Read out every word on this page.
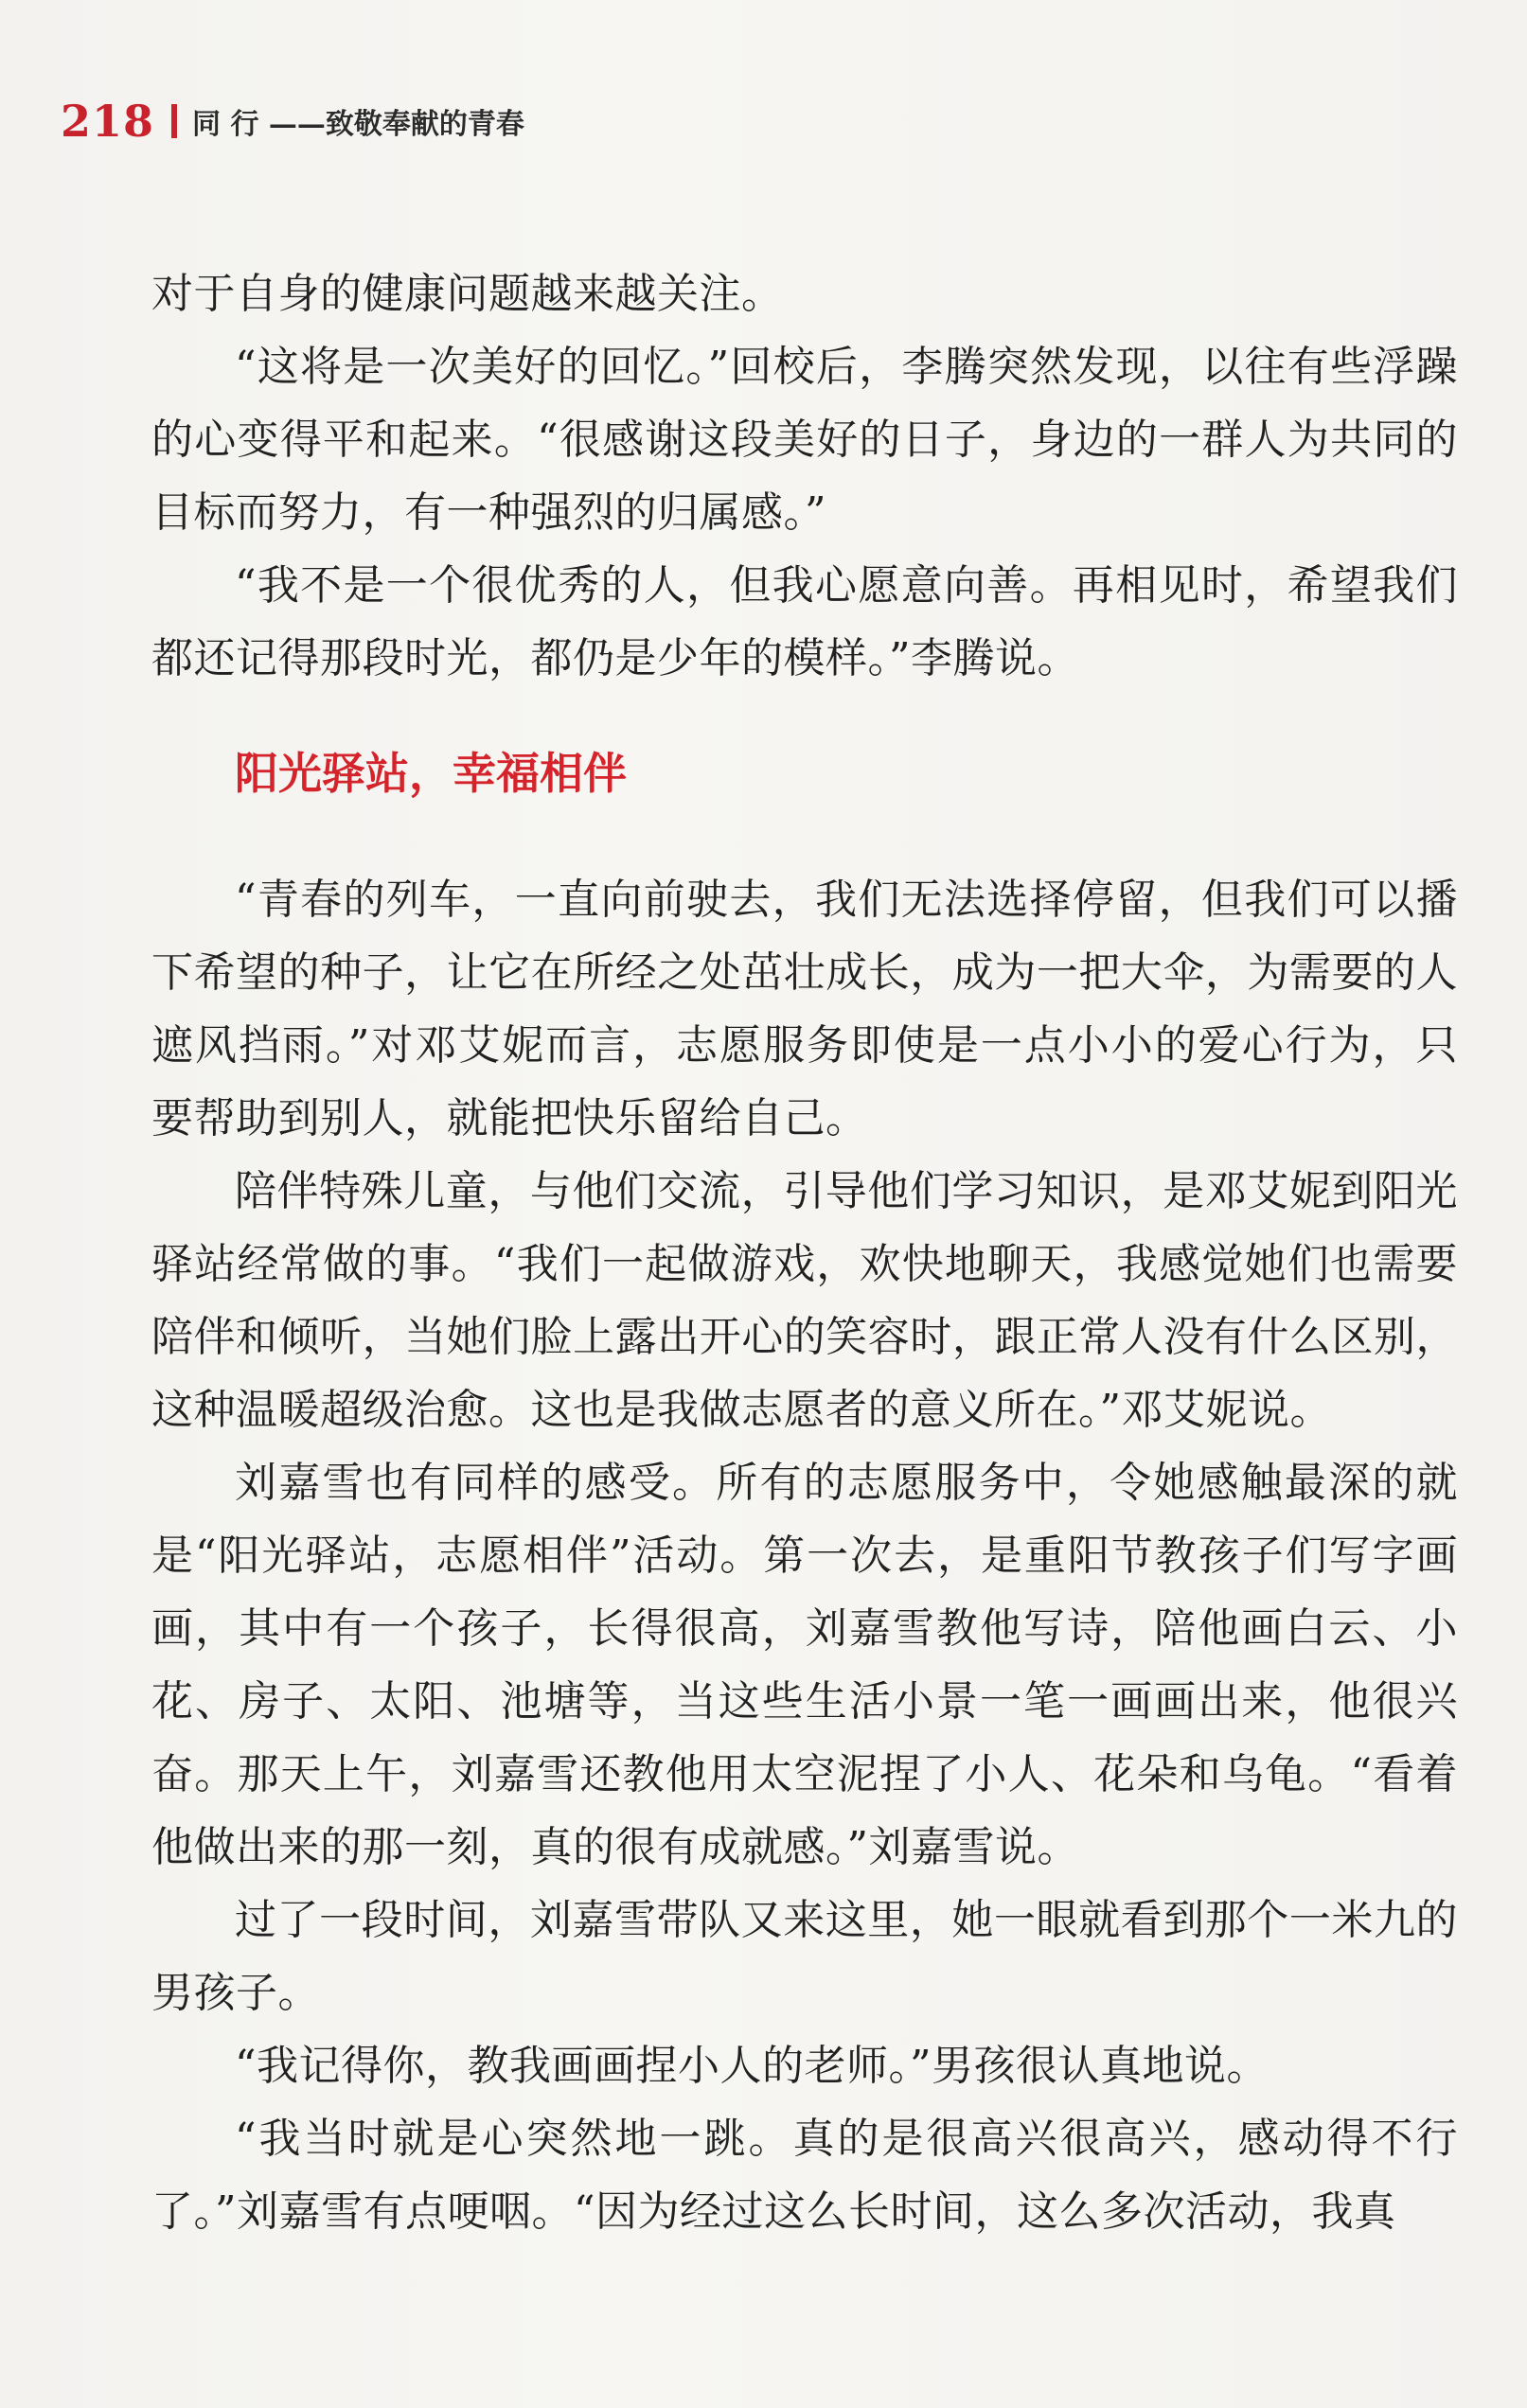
218 同 行 ——致敬奉献的青春

对于自身的健康问题越来越关注。

“这将是一次美好的回忆。”回校后，李腾突然发现，以往有些浮躁的心变得平和起来。“很感谢这段美好的日子，身边的一群人为共同的目标而努力，有一种强烈的归属感。”

“我不是一个很优秀的人，但我心愿意向善。再相见时，希望我们都还记得那段时光，都仍是少年的模样。”李腾说。

阳光驿站，幸福相伴

“青春的列车，一直向前驶去，我们无法选择停留，但我们可以播下希望的种子，让它在所经之处茁壮成长，成为一把大伞，为需要的人遮风挡雨。”对邓艾妮而言，志愿服务即使是一点小小的爱心行为，只要帮助到别人，就能把快乐留给自己。

陪伴特殊儿童，与他们交流，引导他们学习知识，是邓艾妮到阳光驿站经常做的事。“我们一起做游戏，欢快地聊天，我感觉她们也需要陪伴和倾听，当她们脸上露出开心的笑容时，跟正常人没有什么区别，这种温暖超级治愈。这也是我做志愿者的意义所在。”邓艾妮说。

刘嘉雪也有同样的感受。所有的志愿服务中，令她感触最深的就是“阳光驿站，志愿相伴”活动。第一次去，是重阳节教孩子们写字画画，其中有一个孩子，长得很高，刘嘉雪教他写诗，陪他画白云、小花、房子、太阳、池塘等，当这些生活小景一笔一画画出来，他很兴奋。那天上午，刘嘉雪还教他用太空泥捏了小人、花朵和乌龟。“看着他做出来的那一刻，真的很有成就感。”刘嘉雪说。

过了一段时间，刘嘉雪带队又来这里，她一眼就看到那个一米九的男孩子。

“我记得你，教我画画捏小人的老师。”男孩很认真地说。

“我当时就是心突然地一跳。真的是很高兴很高兴，感动得不行了。”刘嘉雪有点哽咽。“因为经过这么长时间，这么多次活动，我真
